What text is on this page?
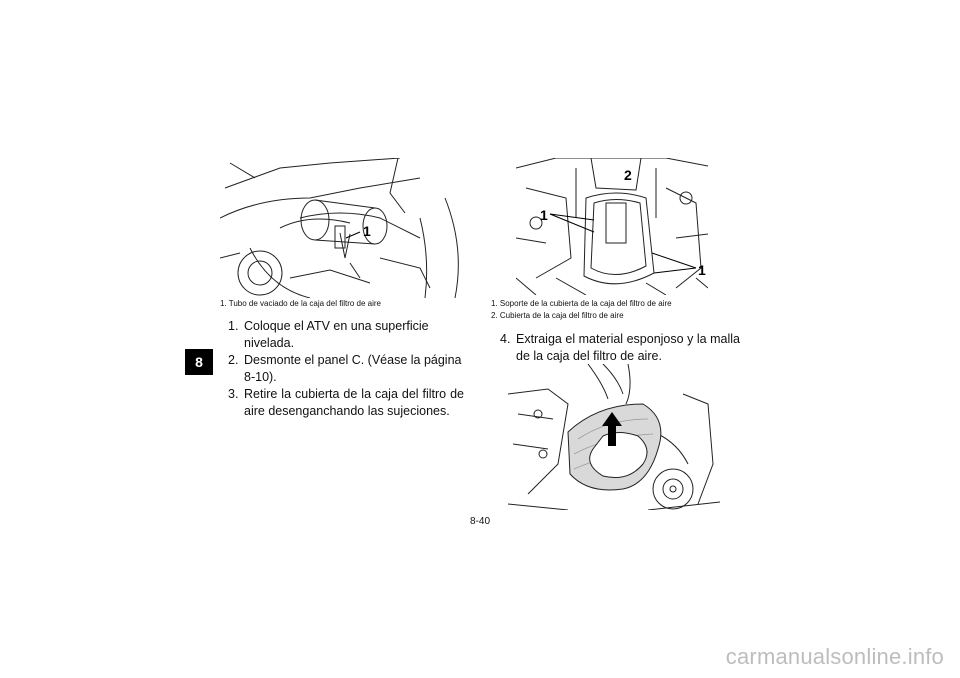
8
1
1. Tubo de vaciado de la caja del filtro de aire
1. Coloque el ATV en una superficie nivelada.
2. Desmonte el panel C. (Véase la página 8-10).
3. Retire la cubierta de la caja del filtro de aire desenganchando las sujeciones.
2
1
1
1. Soporte de la cubierta de la caja del filtro de aire
2. Cubierta de la caja del filtro de aire
4. Extraiga el material esponjoso y la malla de la caja del filtro de aire.
8-40
carmanualsonline.info
